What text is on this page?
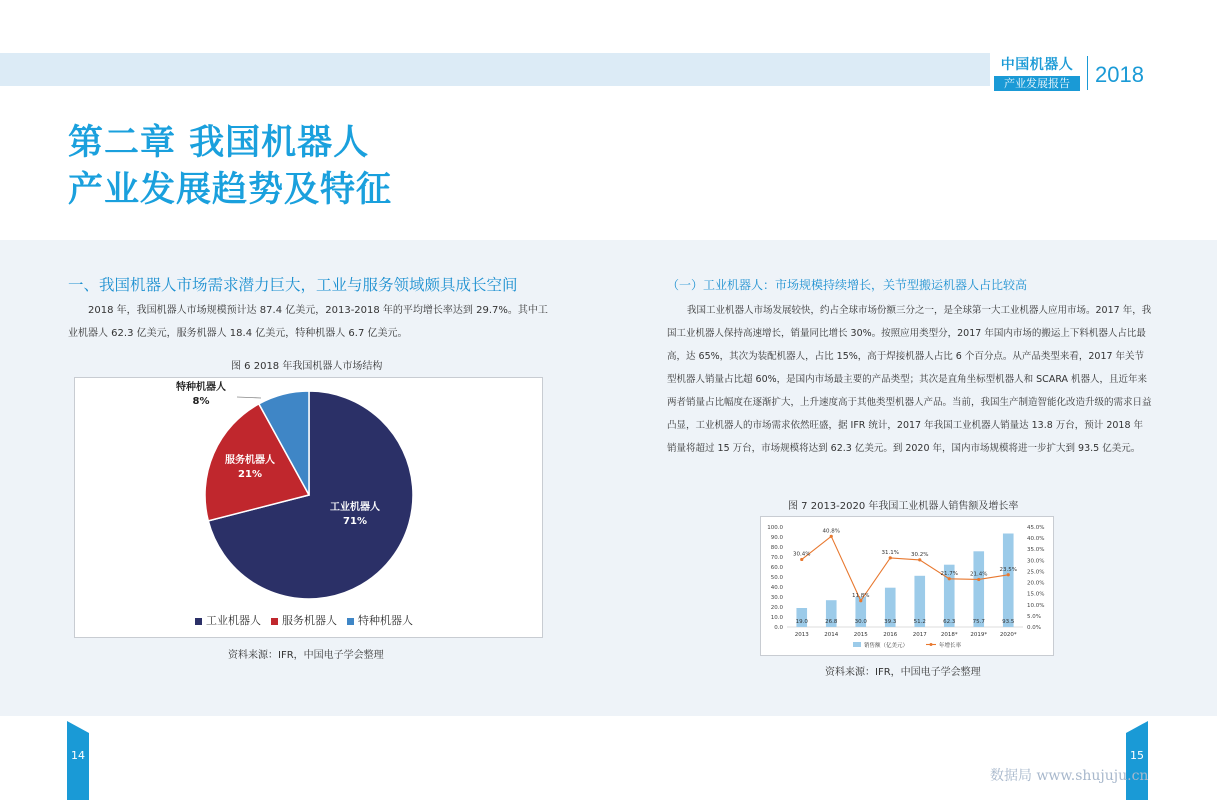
中国机器人
产业发展报告	2018
第二章 我国机器人
产业发展趋势及特征
一、我国机器人市场需求潜力巨大，工业与服务领域颇具成长空间
2018 年，我国机器人市场规模预计达 87.4 亿美元，2013-2018 年的平均增长率达到 29.7%。其中工业机器人 62.3 亿美元，服务机器人 18.4 亿美元，特种机器人 6.7 亿美元。
图 6 2018 年我国机器人市场结构
工业机器人
71%
服务机器人
21%
特种机器人
8%
工业机器人	服务机器人	特种机器人
资料来源：IFR，中国电子学会整理
（一）工业机器人：市场规模持续增长，关节型搬运机器人占比较高
我国工业机器人市场发展较快，约占全球市场份额三分之一，是全球第一大工业机器人应用市场。2017 年，我国工业机器人保持高速增长，销量同比增长 30%。按照应用类型分，2017 年国内市场的搬运上下料机器人占比最高，达 65%，其次为装配机器人，占比 15%，高于焊接机器人占比 6 个百分点。从产品类型来看，2017 年关节型机器人销量占比超 60%，是国内市场最主要的产品类型；其次是直角坐标型机器人和 SCARA 机器人，且近年来两者销量占比幅度在逐渐扩大，上升速度高于其他类型机器人产品。当前，我国生产制造智能化改造升级的需求日益凸显，工业机器人的市场需求依然旺盛，据 IFR 统计，2017 年我国工业机器人销量达 13.8 万台，预计 2018 年销量将超过 15 万台，市场规模将达到 62.3 亿美元。到 2020 年，国内市场规模将进一步扩大到 93.5 亿美元。
图 7 2013-2020 年我国工业机器人销售额及增长率
100.0
90.0
80.0
70.0
60.0
50.0
40.0
30.0
20.0
10.0
0.0
45.0%
40.0%
35.0%
30.0%
25.0%
20.0%
15.0%
10.0%
5.0%
0.0%
19.0
2013
26.8
2014
30.0
2015
39.3
2016
51.2
2017
62.3
2018*
75.7
2019*
93.5
2020*
30.4%
40.8%
11.8%
31.1% 30.2%
21.7% 21.4%
23.5%
销售额（亿美元）	年增长率
资料来源：IFR，中国电子学会整理
14	15
数据局 www.shujuju.cn
